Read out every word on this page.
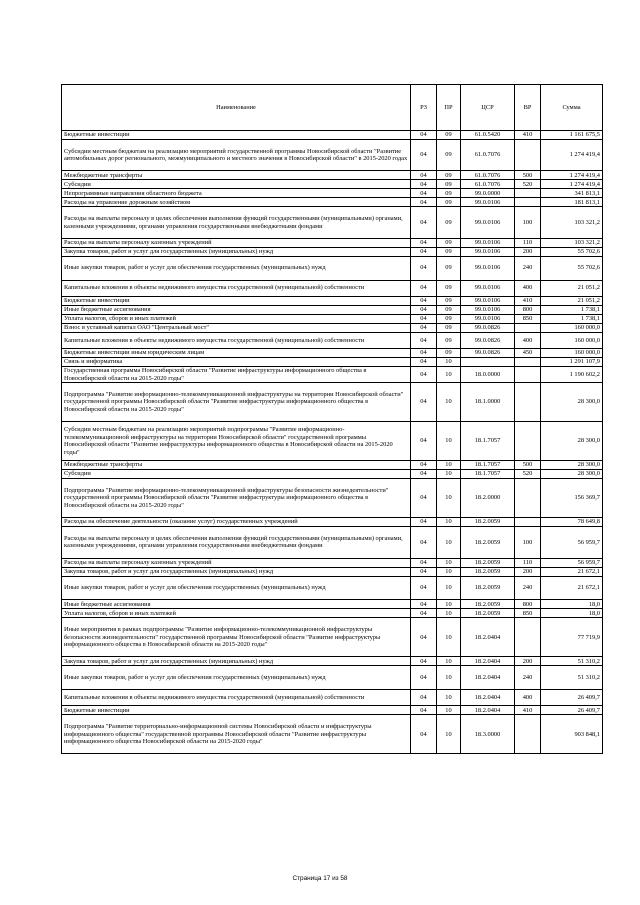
Наименование	РЗ	ПР	ЦСР	ВР	Сумма
Бюджетные инвестиции	04	09	61.0.5420	410	1 161 675,5
Субсидии местным бюджетам на реализацию мероприятий государственной программы Новосибирской области "Развитие автомобильных дорог регионального, межмуниципального и местного значения в Новосибирской области" в 2015-2020 годах	04	09	61.0.7076		1 274 419,4
Межбюджетные трансферты	04	09	61.0.7076	500	1 274 419,4
Субсидии	04	09	61.0.7076	520	1 274 419,4
Непрограммные направления областного бюджета	04	09	99.0.0000		341 813,1
Расходы на управление дорожным хозяйством	04	09	99.0.0106		181 813,1
Расходы на выплаты персоналу в целях обеспечения выполнения функций государственными (муниципальными) органами, казенными учреждениями, органами управления государственными внебюджетными фондами	04	09	99.0.0106	100	103 321,2
Расходы на выплаты персоналу казенных учреждений	04	09	99.0.0106	110	103 321,2
Закупка товаров, работ и услуг для государственных (муниципальных) нужд	04	09	99.0.0106	200	55 702,6
Иные закупки товаров, работ и услуг для обеспечения государственных (муниципальных) нужд	04	09	99.0.0106	240	55 702,6
Капитальные вложения в объекты недвижимого имущества государственной (муниципальной) собственности	04	09	99.0.0106	400	21 051,2
Бюджетные инвестиции	04	09	99.0.0106	410	21 051,2
Иные бюджетные ассигнования	04	09	99.0.0106	800	1 738,1
Уплата налогов, сборов и иных платежей	04	09	99.0.0106	850	1 738,1
Взнос в уставный капитал ОАО "Центральный мост"	04	09	99.0.0826		160 000,0
Капитальные вложения в объекты недвижимого имущества государственной (муниципальной) собственности	04	09	99.0.0826	400	160 000,0
Бюджетные инвестиции иным юридическим лицам	04	09	99.0.0826	450	160 000,0
Связь и информатика	04	10			1 291 107,9
Государственная программа Новосибирской области "Развитие инфраструктуры информационного общества в Новосибирской области на 2015-2020 годы"	04	10	18.0.0000		1 190 602,2
Подпрограмма "Развитие информационно-телекоммуникационной инфраструктуры на территории Новосибирской области" государственной программы Новосибирской области "Развитие инфраструктуры информационного общества в Новосибирской области на 2015-2020 годы"	04	10	18.1.0000		28 300,0
Субсидии местным бюджетам на реализацию мероприятий подпрограммы "Развитие информационно-телекоммуникационной инфраструктуры на территории Новосибирской области" государственной программы Новосибирской области "Развитие инфраструктуры информационного общества в Новосибирской области на 2015-2020 годы"	04	10	18.1.7057		28 300,0
Межбюджетные трансферты	04	10	18.1.7057	500	28 300,0
Субсидии	04	10	18.1.7057	520	28 300,0
Подпрограмма "Развитие информационно-телекоммуникационной инфраструктуры безопасности жизнедеятельности" государственной программы Новосибирской области "Развитие инфраструктуры информационного общества в Новосибирской области на 2015-2020 годы"	04	10	18.2.0000		156 369,7
Расходы на обеспечение деятельности (оказание услуг) государственных учреждений	04	10	18.2.0059		78 649,8
Расходы на выплаты персоналу в целях обеспечения выполнения функций государственными (муниципальными) органами, казенными учреждениями, органами управления государственными внебюджетными фондами	04	10	18.2.0059	100	56 959,7
Расходы на выплаты персоналу казенных учреждений	04	10	18.2.0059	110	56 959,7
Закупка товаров, работ и услуг для государственных (муниципальных) нужд	04	10	18.2.0059	200	21 672,1
Иные закупки товаров, работ и услуг для обеспечения государственных (муниципальных) нужд	04	10	18.2.0059	240	21 672,1
Иные бюджетные ассигнования	04	10	18.2.0059	800	18,0
Уплата налогов, сборов и иных платежей	04	10	18.2.0059	850	18,0
Иные мероприятия в рамках подпрограммы "Развитие информационно-телекоммуникационной инфраструктуры безопасности жизнедеятельности" государственной программы Новосибирской области "Развитие инфраструктуры информационного общества в Новосибирской области на 2015-2020 годы"	04	10	18.2.0404		77 719,9
Закупка товаров, работ и услуг для государственных (муниципальных) нужд	04	10	18.2.0404	200	51 310,2
Иные закупки товаров, работ и услуг для обеспечения государственных (муниципальных) нужд	04	10	18.2.0404	240	51 310,2
Капитальные вложения в объекты недвижимого имущества государственной (муниципальной) собственности	04	10	18.2.0404	400	26 409,7
Бюджетные инвестиции	04	10	18.2.0404	410	26 409,7
Подпрограмма "Развитие территориально-информационной системы Новосибирской области и инфраструктуры информационного общества" государственной программы Новосибирской области "Развитие инфраструктуры информационного общества Новосибирской области на 2015-2020 годы"	04	10	18.3.0000		903 848,1
Страница 17 из 58
